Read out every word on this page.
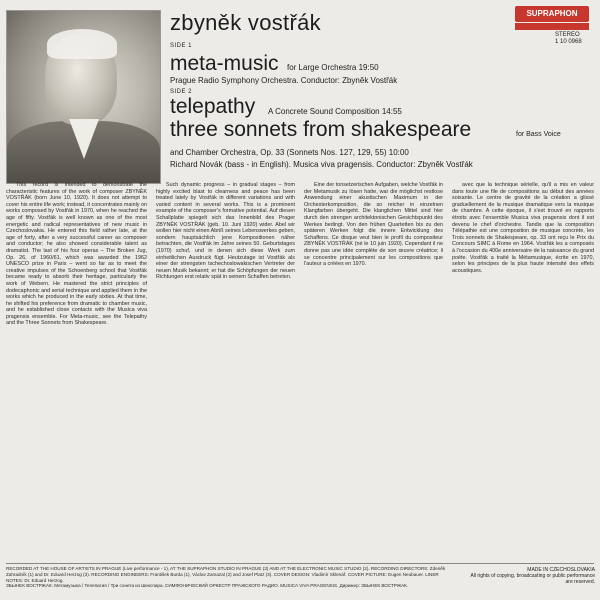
SUPRAPHON
STEREO
1 10 0968
zbyněk vostřák
SIDE 1
meta-music for Large Orchestra 19:50
Prague Radio Symphony Orchestra. Conductor: Zbyněk Vostřák
SIDE 2
telepathy A Concrete Sound Composition 14:55
three sonnets from shakespeare	for Bass Voice
and Chamber Orchestra, Op. 33 (Sonnets Nos. 127, 129, 55) 10:00
Richard Novák (bass - in English). Musica viva pragensis. Conductor: Zbyněk Vostřák

This record is intended to demonstrate the characteristic features of the work of composer ZBYNĚK VOSTŘÁK (born June 10, 1920). It does not attempt to cover his entire life work; instead, it concentrates mainly on works composed by Vostřák in 1970, when he reached the age of fifty. Vostřák is well known as one of the most energetic and radical representatives of new music in Czechoslovakia. He entered this field rather late, at the age of forty, after a very successful career as composer and conductor; he also showed considerable talent as dramatist. The last of his four operas – The Broken Jug, Op. 26, of 1960/61, which was awarded the 1962 UNESCO prize in Paris – went so far as to meet the creative impulses of the Schoenberg school that Vostřák became ready to absorb their heritage, particularly the work of Webern. He mastered the strict principles of dodecaphonic and serial technique and applied them in the works which he produced in the early sixties. At that time, he shifted his preference from dramatic to chamber music, and he established close contacts with the Musica viva pragensis ensemble. For Meta-music, see the Telepathy and the Three Sonnets from Shakespeare.

Such dynamic progress – in gradual stages – from highly excited blast to clearness and peace has been treated lately by Vostřák in different variations and with varied content in several works. This is a prominent example of the composer's formative potential. Auf diesen Schallplatte spiegelt sich das Innenbild des Prager ZBYNĚK VOSTŘÁK (geb. 10. Juni 1920) wider. Abel wir wollen hier nicht einen Abriß seines Lebenswerkes geben, sondern hauptsächlich jene Kompositionen näher betrachten, die Vostřák im Jahre seines 50. Geburtstages (1970) schuf, und in denen sich diese Werk zum einheitlichen Ausdruck fügt. Heutzutage ist Vostřák als einer der strengsten tschechoslowakischen Vertreter der neuen Musik bekannt; er hat die Schöpfungen der neuen Richtungen erst relativ spät in seinem Schaffen betreten.

Eine der tonsetzerischen Aufgaben, welche Vostřák in der Metamusik zu lösen hatte, war die möglichst restlose Anwendung einer akustischen Maximum in der Orchesterkomposition, die so reicher in einzelnen Klangfarben übergeht. Die klanglichen Mittel sind hier durch den strengen architektonischen Gesichtspunkt des Werkes bedingt. Von den frühen Quartetten bis zu den späteren Werken folgt die innere Entwicklung des Schaffens. Ce disque veut bien le profil du compositeur ZBYNĚK VOSTŘÁK (né le 10 juin 1920). Cependant il ne donne pas une idée complète de son œuvre créatrice; il se concentre principalement sur les compositions que l'auteur a créées en 1970.

avec que la technique sérielle, qu'il a mis en valeur dans toute une file de compositions au début des années soixante. Le centre de gravité de la création a glissé graduellement de la musique dramatique vers la musique de chambre. A cette époque, il s'est trouvé en rapports étroits avec l'ensemble Musica viva pragensis dont il est devenu le chef d'orchestre. Tandis que la composition Télépathie est une composition de musique concrète, les Trois sonnets de Shakespeare, op. 33 ont reçu le Prix du Concours SIMC à Rome en 1964. Vostřák les a composés à l'occasion du 400e anniversaire de la naissance du grand poète. Vostřák a traité la Métamusique, écrite en 1970, selon les principes de la plus haute intensité des effets acoustiques.

RECORDED AT THE HOUSE OF ARTISTS IN PRAGUE (Live performance - 1), AT THE SUPRAPHON STUDIO IN PRAGUE (3) AND AT THE ELECTRONIC MUSIC STUDIO (2). RECORDING DIRECTORS: Zdeněk Zahradník (1) and Dr. Eduard Herzog (3). RECORDING ENGINEERS: František Burda (1), Václav Zamazal (2) and Josef Platz (3). COVER DESIGN: Vladimír Sklenář. COVER PICTURE: Eugen Neubauer. LINER NOTES: Dr. Eduard Herzog.
ЗБЫНЕК ВОСТРЖАК: Метамузыка / Телепатия / Три сонета из Шекспира. СИМФОНИЧЕСКИЙ ОРКЕСТР ПРАЖСКОГО РАДИО. MUSICA VIVA PRAGENSIS. Дирижер: ЗБЫНЕК ВОСТРЖАК.
MADE IN CZECHOSLOVAKIA
All rights of copying, broadcasting or public performance are reserved.
